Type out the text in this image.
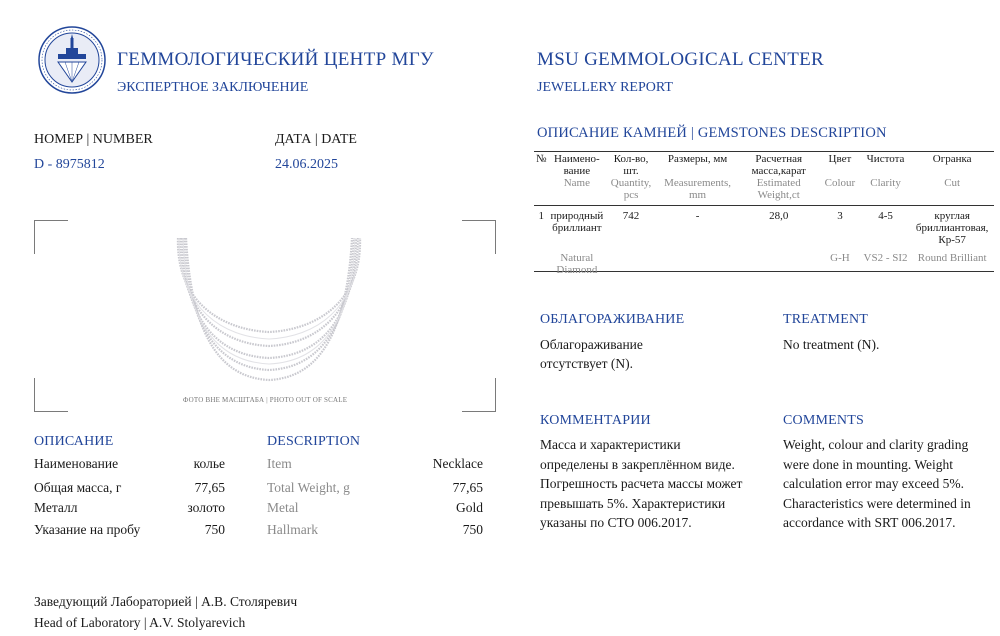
ГЕММОЛОГИЧЕСКИЙ ЦЕНТР МГУ
ЭКСПЕРТНОЕ ЗАКЛЮЧЕНИЕ
MSU GEMMOLOGICAL CENTER
JEWELLERY REPORT
НОМЕР | NUMBER
D - 8975812
ДАТА | DATE
24.06.2025
ФОТО ВНЕ МАСШТАБА | PHOTO OUT OF SCALE
ОПИСАНИЕ	DESCRIPTION
Наименование	колье	Item	Necklace
Общая масса, г	77,65	Total Weight, g	77,65
Металл	золото	Metal	Gold
Указание на пробу	750	Hallmark	750
Заведующий Лабораторией | А.В. Столяревич
Head of Laboratory | A.V. Stolyarevich
ОПИСАНИЕ КАМНЕЙ | GEMSTONES DESCRIPTION
№	Наимено-вание	Кол-во, шт.	Размеры, мм	Расчетная масса,карат	Цвет	Чистота	Огранка
	Name	Quantity, pcs	Measurements, mm	Estimated Weight,ct	Colour	Clarity	Cut
1	природный бриллиант	742	-	28,0	3	4-5	круглая бриллиантовая, Кр-57
	Natural Diamond				G-H	VS2 - SI2	Round Brilliant
ОБЛАГОРАЖИВАНИЕ	TREATMENT
Облагораживание
отсутствует (N).
No treatment (N).
КОММЕНТАРИИ	COMMENTS
Масса и характеристики
определены в закреплённом виде.
Погрешность расчета массы может
превышать 5%. Характеристики
указаны по СТО 006.2017.
Weight, colour and clarity grading
were done in mounting. Weight
calculation error may exceed 5%.
Characteristics were determined in
accordance with SRT 006.2017.
